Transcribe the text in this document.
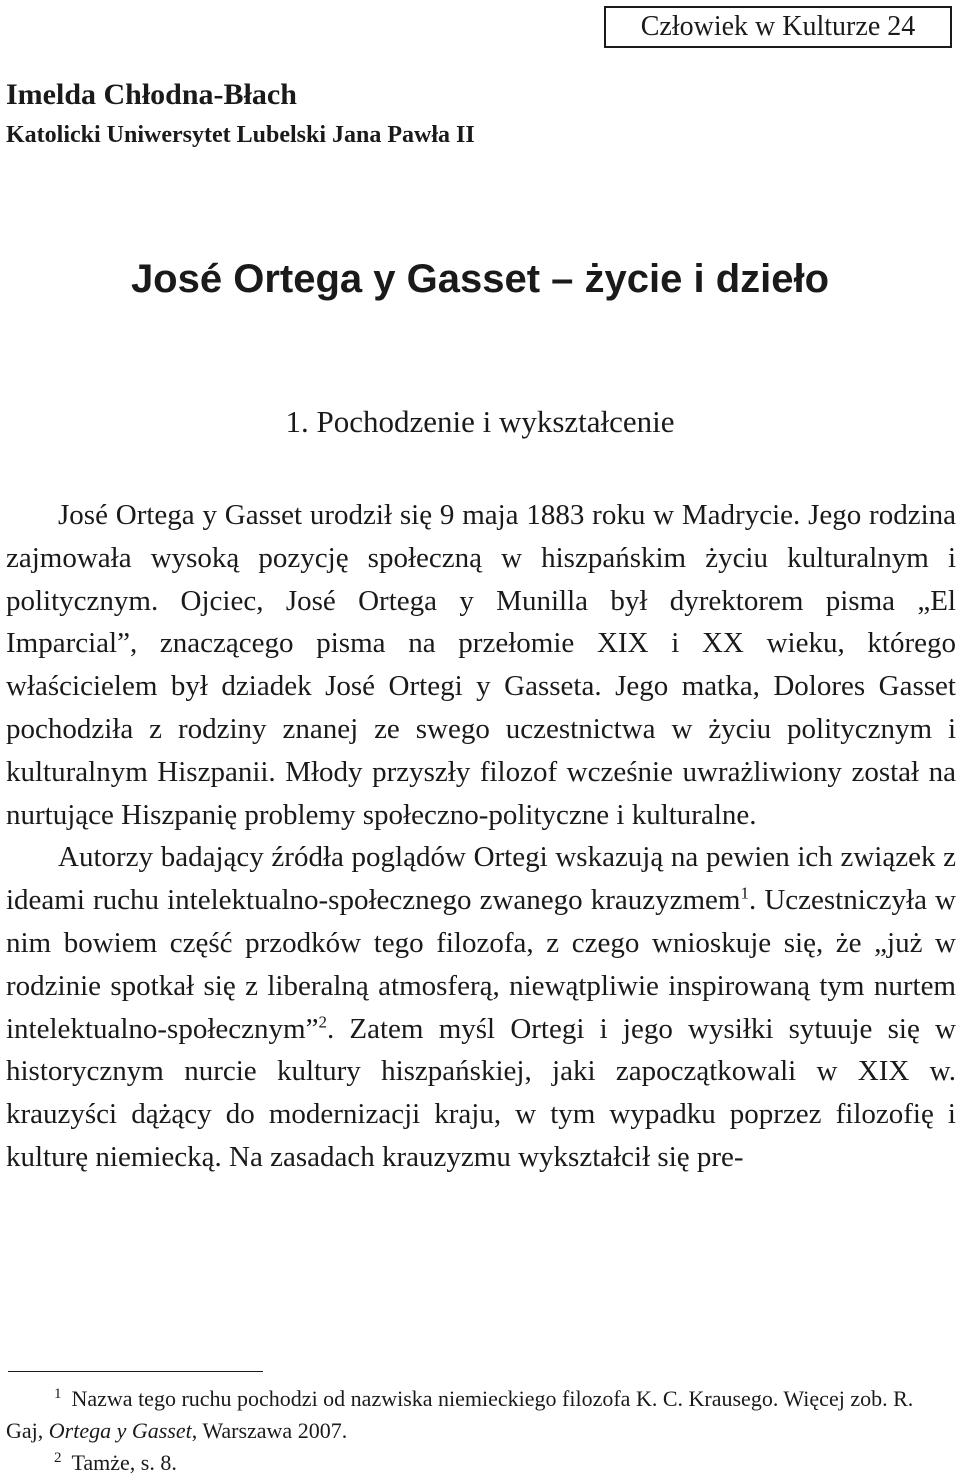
Człowiek w Kulturze 24
Imelda Chłodna-Błach
Katolicki Uniwersytet Lubelski Jana Pawła II
José Ortega y Gasset – życie i dzieło
1. Pochodzenie i wykształcenie

José Ortega y Gasset urodził się 9 maja 1883 roku w Madrycie. Jego rodzina zajmowała wysoką pozycję społeczną w hiszpańskim życiu kulturalnym i politycznym. Ojciec, José Ortega y Munilla był dyrektorem pisma „El Imparcial”, znaczącego pisma na przełomie XIX i XX wieku, którego właścicielem był dziadek José Ortegi y Gasseta. Jego matka, Dolores Gasset pochodziła z rodziny znanej ze swego uczestnictwa w życiu politycznym i kulturalnym Hiszpanii. Młody przyszły filozof wcześnie uwrażliwiony został na nurtujące Hiszpanię problemy społeczno-polityczne i kulturalne.

Autorzy badający źródła poglądów Ortegi wskazują na pewien ich związek z ideami ruchu intelektualno-społecznego zwanego krauzyzmem$^1$. Uczestniczyła w nim bowiem część przodków tego filozofa, z czego wnioskuje się, że „już w rodzinie spotkał się z liberalną atmosferą, niewątpliwie inspirowaną tym nurtem intelektualno-społecznym”$^2$. Zatem myśl Ortegi i jego wysiłki sytuuje się w historycznym nurcie kultury hiszpańskiej, jaki zapoczątkowali w XIX w. krauzyści dążący do modernizacji kraju, w tym wypadku poprzez filozofię i kulturę niemiecką. Na zasadach krauzyzmu wykształcił się pre-

$^1$ Nazwa tego ruchu pochodzi od nazwiska niemieckiego filozofa K. C. Krausego. Więcej zob. R. Gaj, Ortega y Gasset, Warszawa 2007.

$^2$ Tamże, s. 8.
